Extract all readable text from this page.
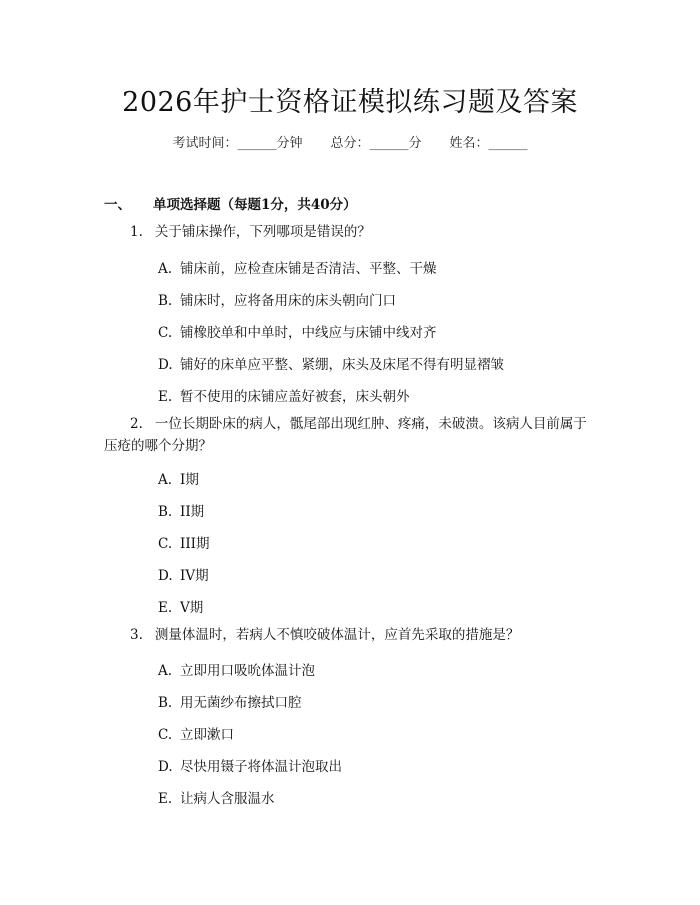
2026年护士资格证模拟练习题及答案
考试时间：______分钟 总分：______分 姓名：______
一、 单项选择题（每题1分，共40分）
1. 关于铺床操作，下列哪项是错误的？
A. 铺床前，应检查床铺是否清洁、平整、干燥
B. 铺床时，应将备用床的床头朝向门口
C. 铺橡胶单和中单时，中线应与床铺中线对齐
D. 铺好的床单应平整、紧绷，床头及床尾不得有明显褶皱
E. 暂不使用的床铺应盖好被套，床头朝外
2. 一位长期卧床的病人，骶尾部出现红肿、疼痛，未破溃。该病人目前属于
压疮的哪个分期？
A. I期
B. II期
C. III期
D. IV期
E. V期
3. 测量体温时，若病人不慎咬破体温计，应首先采取的措施是？
A. 立即用口吸吮体温计泡
B. 用无菌纱布擦拭口腔
C. 立即漱口
D. 尽快用镊子将体温计泡取出
E. 让病人含服温水
